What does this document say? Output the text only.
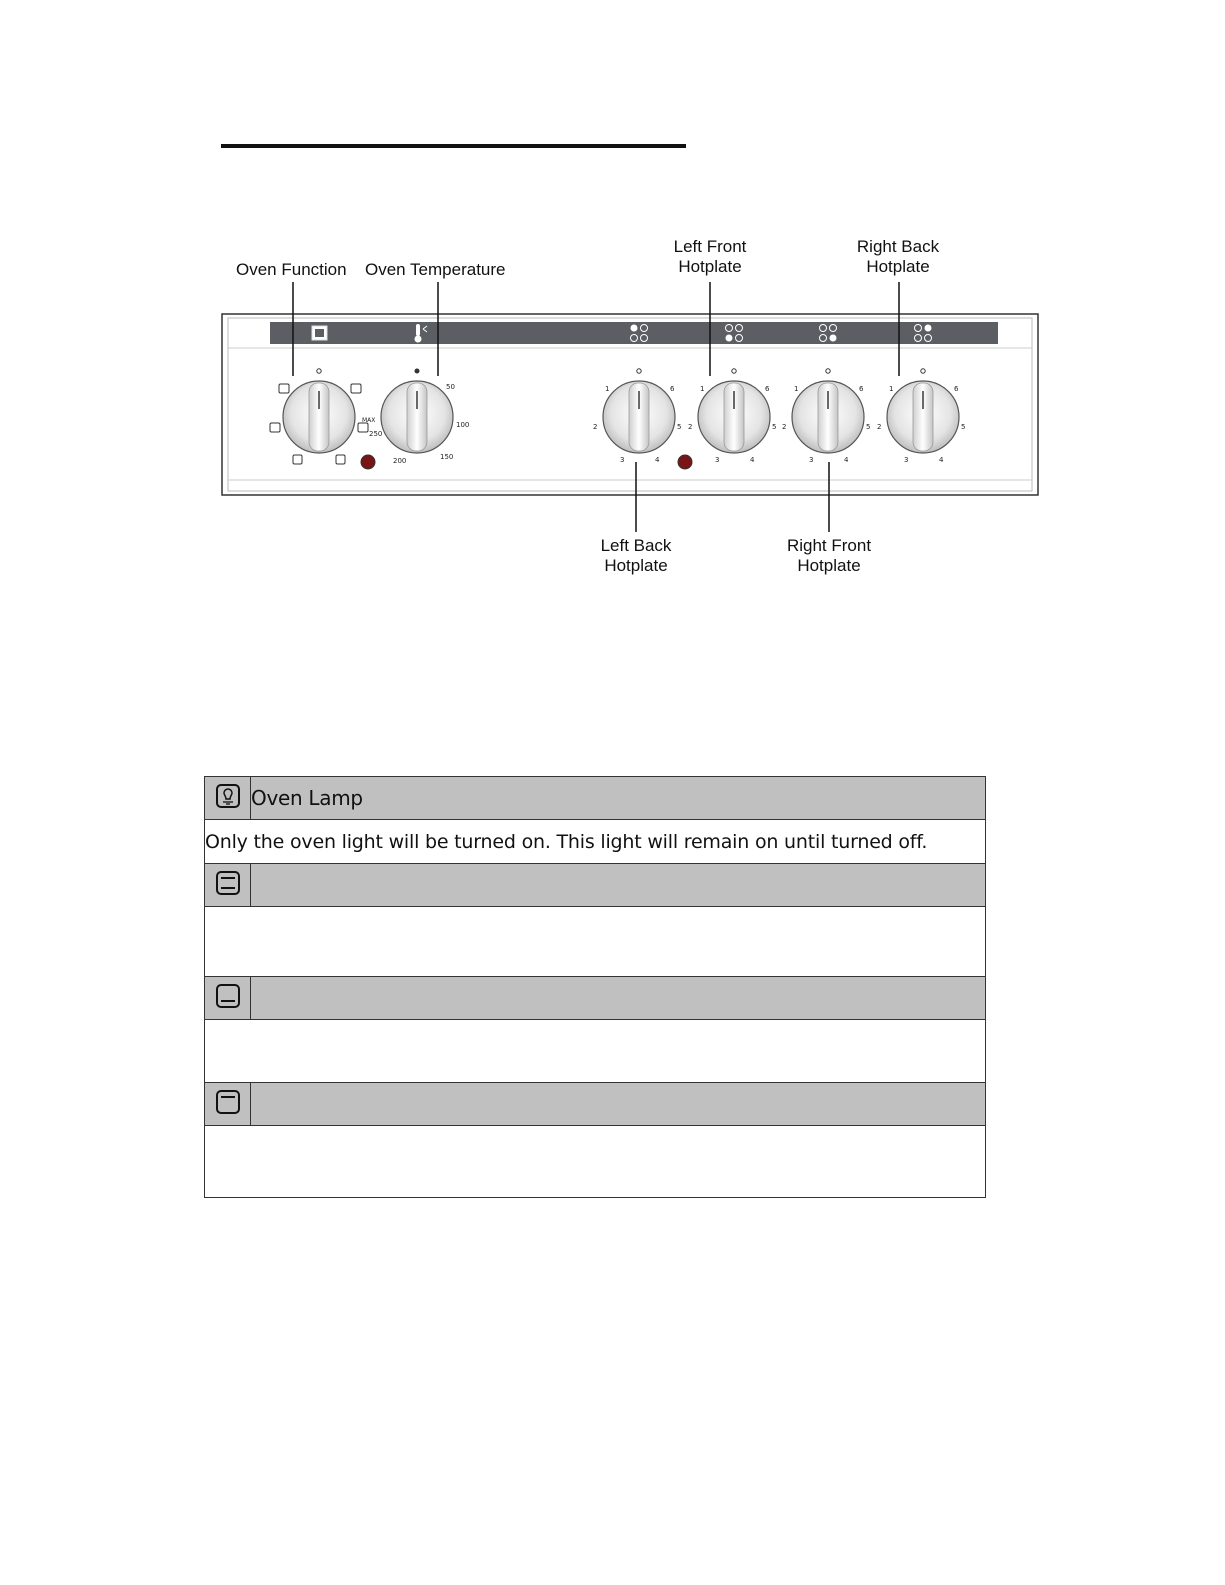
50
100
150
200
250
MAX
1
2
3	4
5
6	1
2
3	4
5
6	1
2
3	4
5
6	1
2
3	4
5
6
Oven Function Oven Temperature
Left Front
Hotplate
Right Back
Hotplate
Left Back
Hotplate
Right Front
Hotplate
	Oven Lamp
Only the oven light will be turned on. This light will remain on until turned off.	
